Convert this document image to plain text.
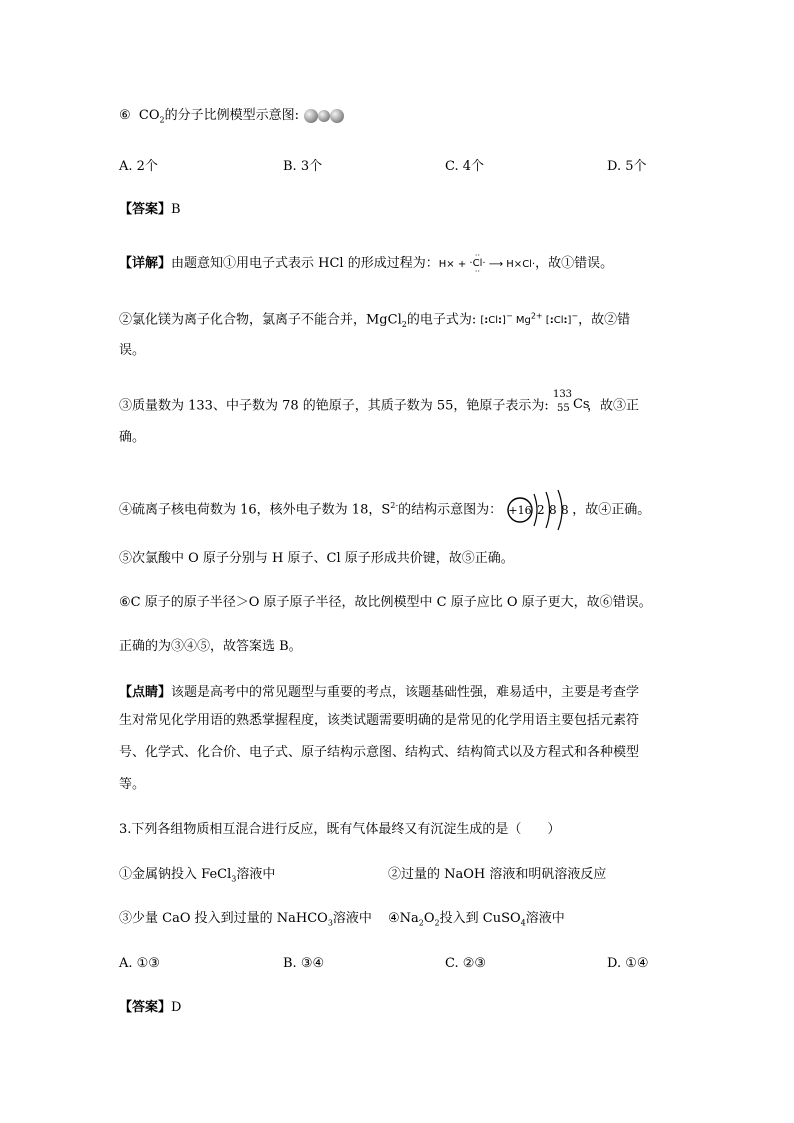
⑥ $CO_2$的分子比例模型示意图:
A. 2个	B. 3个	C. 4个	D. 5个
【答案】B
【详解】由题意知①用电子式表示 HCl 的形成过程为：H× + ··
·Cl·
·· ⟶ H×Cl·，故①错误。
②氯化镁为离子化合物，氯离子不能合并，MgCl$_2$的电子式为: [:Cl:]− $Mg^{2+}$ [:Cl:]−，故②错
误。
③质量数为 133、中子数为 78 的铯原子，其质子数为 55，铯原子表示为:
133
55 Cs
，故③正
确。
④硫离子核电荷数为 16，核外电子数为 18，$S^{2-}$的结构示意图为： +16 2 8 8 ，故④正确。
⑤次氯酸中 O 原子分别与 H 原子、Cl 原子形成共价键，故⑤正确。
⑥C 原子的原子半径＞O 原子原子半径，故比例模型中 C 原子应比 O 原子更大，故⑥错误。
正确的为③④⑤，故答案选 B。
【点睛】该题是高考中的常见题型与重要的考点，该题基础性强，难易适中，主要是考查学
生对常见化学用语的熟悉掌握程度，该类试题需要明确的是常见的化学用语主要包括元素符
号、化学式、化合价、电子式、原子结构示意图、结构式、结构简式以及方程式和各种模型
等。
3.下列各组物质相互混合进行反应，既有气体最终又有沉淀生成的是（　　）
①金属钠投入 FeCl$_3$溶液中	②过量的 NaOH 溶液和明矾溶液反应
③少量 CaO 投入到过量的 NaHCO$_3$溶液中 $④Na_2O_2$投入到 CuSO$_4$溶液中
A. ①③	B. ③④	C. ②③	D. ①④
【答案】D
